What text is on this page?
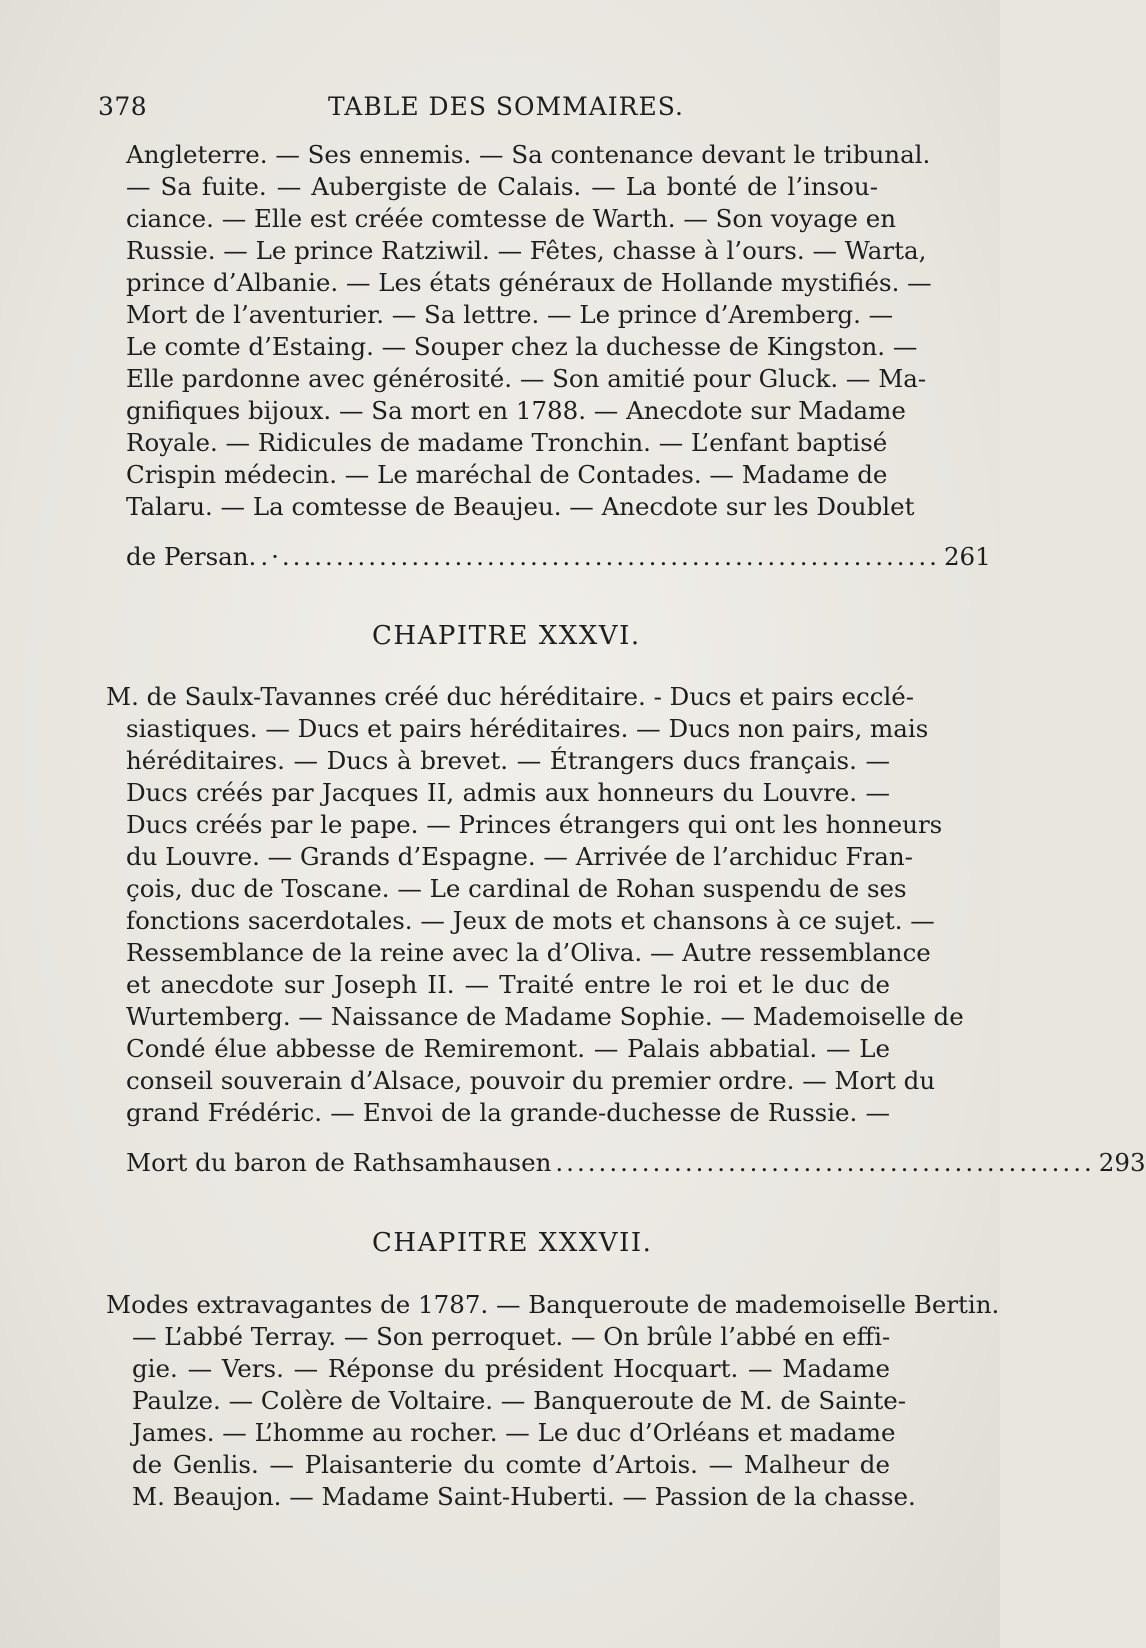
378	TABLE DES SOMMAIRES.
Angleterre. — Ses ennemis. — Sa contenance devant le tribunal.
— Sa fuite. — Aubergiste de Calais. — La bonté de l’insou-
ciance. — Elle est créée comtesse de Warth. — Son voyage en
Russie. — Le prince Ratziwil. — Fêtes, chasse à l’ours. — Warta,
prince d’Albanie. — Les états généraux de Hollande mystifiés. —
Mort de l’aventurier. — Sa lettre. — Le prince d’Aremberg. —
Le comte d’Estaing. — Souper chez la duchesse de Kingston. —
Elle pardonne avec générosité. — Son amitié pour Gluck. — Ma-
gnifiques bijoux. — Sa mort en 1788. — Anecdote sur Madame
Royale. — Ridicules de madame Tronchin. — L’enfant baptisé
Crispin médecin. — Le maréchal de Contades. — Madame de
Talaru. — La comtesse de Beaujeu. — Anecdote sur les Doublet
de Persan. .·............................................................. 261
CHAPITRE XXXVI.
M. de Saulx-Tavannes créé duc héréditaire. - Ducs et pairs ecclé-
siastiques. — Ducs et pairs héréditaires. — Ducs non pairs, mais
héréditaires. — Ducs à brevet. — Étrangers ducs français. —
Ducs créés par Jacques II, admis aux honneurs du Louvre. —
Ducs créés par le pape. — Princes étrangers qui ont les honneurs
du Louvre. — Grands d’Espagne. — Arrivée de l’archiduc Fran-
çois, duc de Toscane. — Le cardinal de Rohan suspendu de ses
fonctions sacerdotales. — Jeux de mots et chansons à ce sujet. —
Ressemblance de la reine avec la d’Oliva. — Autre ressemblance
et anecdote sur Joseph II. — Traité entre le roi et le duc de
Wurtemberg. — Naissance de Madame Sophie. — Mademoiselle de
Condé élue abbesse de Remiremont. — Palais abbatial. — Le
conseil souverain d’Alsace, pouvoir du premier ordre. — Mort du
grand Frédéric. — Envoi de la grande-duchesse de Russie. —
Mort du baron de Rathsamhausen .................................................. 293
CHAPITRE XXXVII.
Modes extravagantes de 1787. — Banqueroute de mademoiselle Bertin.
— L’abbé Terray. — Son perroquet. — On brûle l’abbé en effi-
gie. — Vers. — Réponse du président Hocquart. — Madame
Paulze. — Colère de Voltaire. — Banqueroute de M. de Sainte-
James. — L’homme au rocher. — Le duc d’Orléans et madame
de Genlis. — Plaisanterie du comte d’Artois. — Malheur de
M. Beaujon. — Madame Saint-Huberti. — Passion de la chasse.
